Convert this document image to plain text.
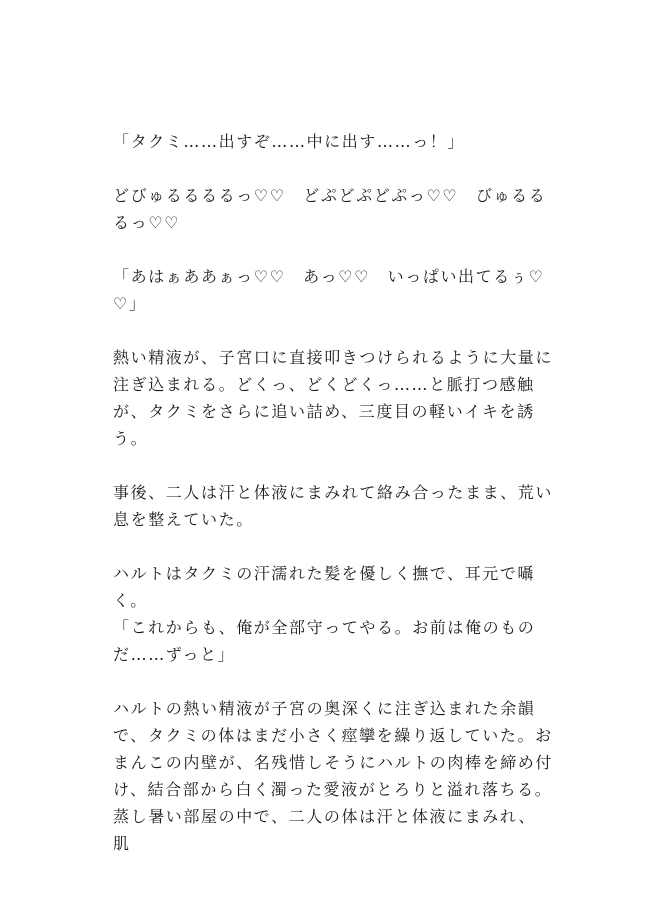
「タクミ……出すぞ……中に出す……っ！」

どびゅるるるるっ♡♡　どぷどぷどぷっ♡♡　びゅるるるっ♡♡

「あはぁああぁっ♡♡　あっ♡♡　いっぱい出てるぅ♡♡」

熱い精液が、子宮口に直接叩きつけられるように大量に注ぎ込まれる。どくっ、どくどくっ……と脈打つ感触が、タクミをさらに追い詰め、三度目の軽いイキを誘う。

事後、二人は汗と体液にまみれて絡み合ったまま、荒い息を整えていた。

ハルトはタクミの汗濡れた髪を優しく撫で、耳元で囁く。

「これからも、俺が全部守ってやる。お前は俺のものだ……ずっと」

ハルトの熱い精液が子宮の奥深くに注ぎ込まれた余韻で、タクミの体はまだ小さく痙攣を繰り返していた。おまんこの内壁が、名残惜しそうにハルトの肉棒を締め付け、結合部から白く濁った愛液がとろりと溢れ落ちる。蒸し暑い部屋の中で、二人の体は汗と体液にまみれ、肌
